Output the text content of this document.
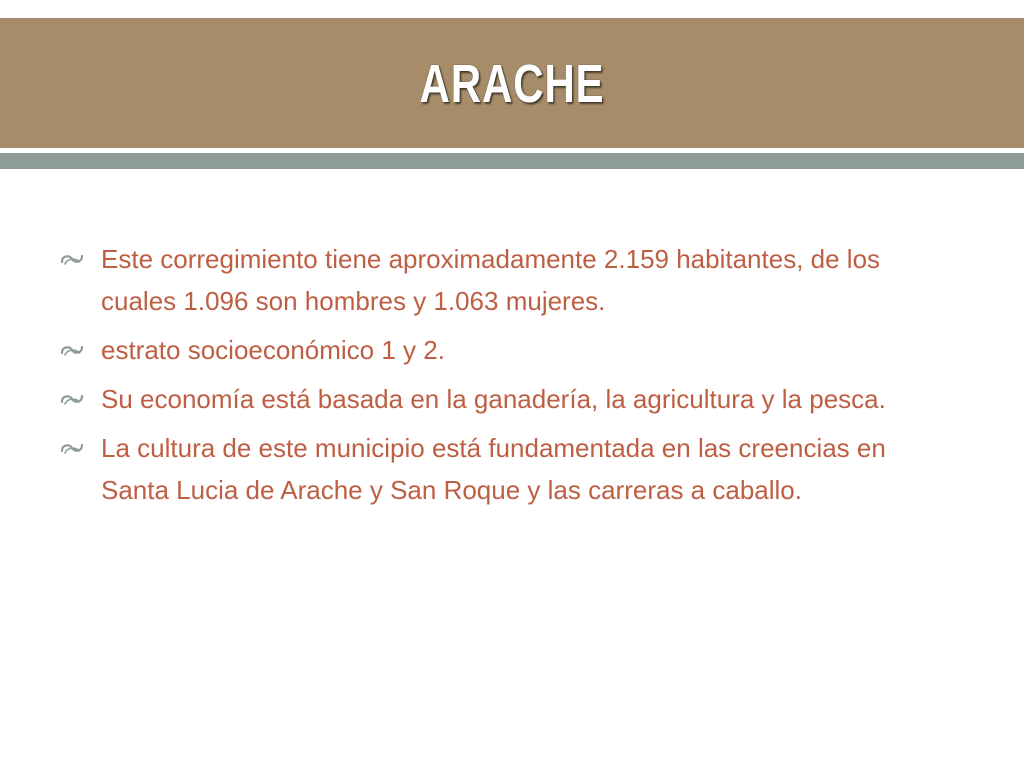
ARACHE
Este corregimiento tiene aproximadamente 2.159 habitantes, de los cuales 1.096 son hombres y 1.063 mujeres.
estrato socioeconómico 1 y 2.
Su economía está basada en la ganadería, la agricultura y la pesca.
La cultura de este municipio está fundamentada en las creencias en Santa Lucia de Arache y San Roque y las carreras a caballo.
